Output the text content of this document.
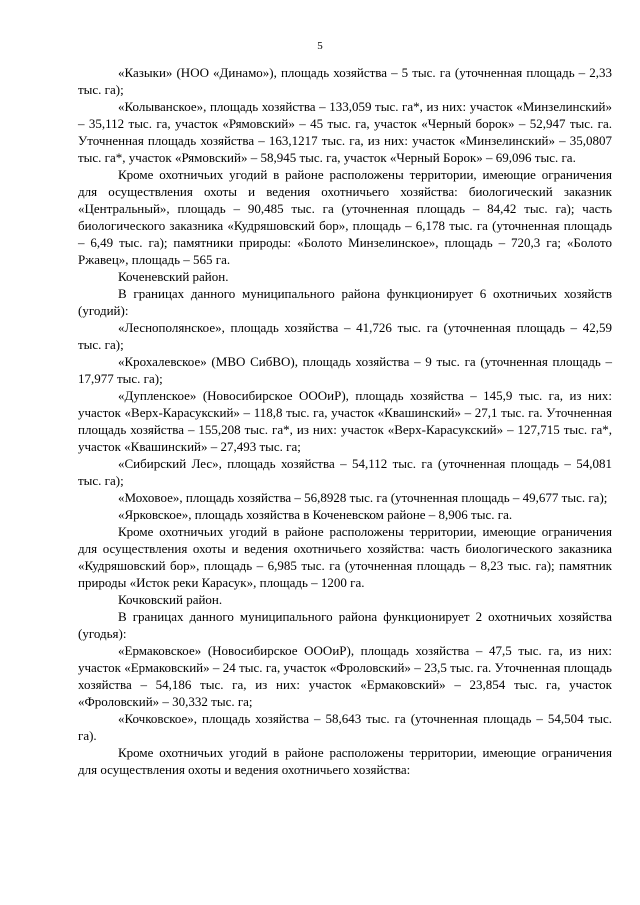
5

«Казыки» (НОО «Динамо»), площадь хозяйства – 5 тыс. га (уточненная площадь – 2,33 тыс. га);

«Колыванское», площадь хозяйства – 133,059 тыс. га*, из них: участок «Минзелинский» – 35,112 тыс. га, участок «Рямовский» – 45 тыс. га, участок «Черный борок» – 52,947 тыс. га. Уточненная площадь хозяйства – 163,1217 тыс. га, из них: участок «Минзелинский» – 35,0807 тыс. га*, участок «Рямовский» – 58,945 тыс. га, участок «Черный Борок» – 69,096 тыс. га.

Кроме охотничьих угодий в районе расположены территории, имеющие ограничения для осуществления охоты и ведения охотничьего хозяйства: биологический заказник «Центральный», площадь – 90,485 тыс. га (уточненная площадь – 84,42 тыс. га); часть биологического заказника «Кудряшовский бор», площадь – 6,178 тыс. га (уточненная площадь – 6,49 тыс. га); памятники природы: «Болото Минзелинское», площадь – 720,3 га; «Болото Ржавец», площадь – 565 га.

Коченевский район.

В границах данного муниципального района функционирует 6 охотничьих хозяйств (угодий):

«Леснополянское», площадь хозяйства – 41,726 тыс. га (уточненная площадь – 42,59 тыс. га);

«Крохалевское» (МВО СибВО), площадь хозяйства – 9 тыс. га (уточненная площадь – 17,977 тыс. га);

«Дупленское» (Новосибирское ОООиР), площадь хозяйства – 145,9 тыс. га, из них: участок «Верх-Карасукский» – 118,8 тыс. га, участок «Квашинский» – 27,1 тыс. га. Уточненная площадь хозяйства – 155,208 тыс. га*, из них: участок «Верх-Карасукский» – 127,715 тыс. га*, участок «Квашинский» – 27,493 тыс. га;

«Сибирский Лес», площадь хозяйства – 54,112 тыс. га (уточненная площадь – 54,081 тыс. га);

«Моховое», площадь хозяйства – 56,8928 тыс. га (уточненная площадь – 49,677 тыс. га);

«Ярковское», площадь хозяйства в Коченевском районе – 8,906 тыс. га.

Кроме охотничьих угодий в районе расположены территории, имеющие ограничения для осуществления охоты и ведения охотничьего хозяйства: часть биологического заказника «Кудряшовский бор», площадь – 6,985 тыс. га (уточненная площадь – 8,23 тыс. га); памятник природы «Исток реки Карасук», площадь – 1200 га.

Кочковский район.

В границах данного муниципального района функционирует 2 охотничьих хозяйства (угодья):

«Ермаковское» (Новосибирское ОООиР), площадь хозяйства – 47,5 тыс. га, из них: участок «Ермаковский» – 24 тыс. га, участок «Фроловский» – 23,5 тыс. га. Уточненная площадь хозяйства – 54,186 тыс. га, из них: участок «Ермаковский» – 23,854 тыс. га, участок «Фроловский» – 30,332 тыс. га;

«Кочковское», площадь хозяйства – 58,643 тыс. га (уточненная площадь – 54,504 тыс. га).

Кроме охотничьих угодий в районе расположены территории, имеющие ограничения для осуществления охоты и ведения охотничьего хозяйства:
